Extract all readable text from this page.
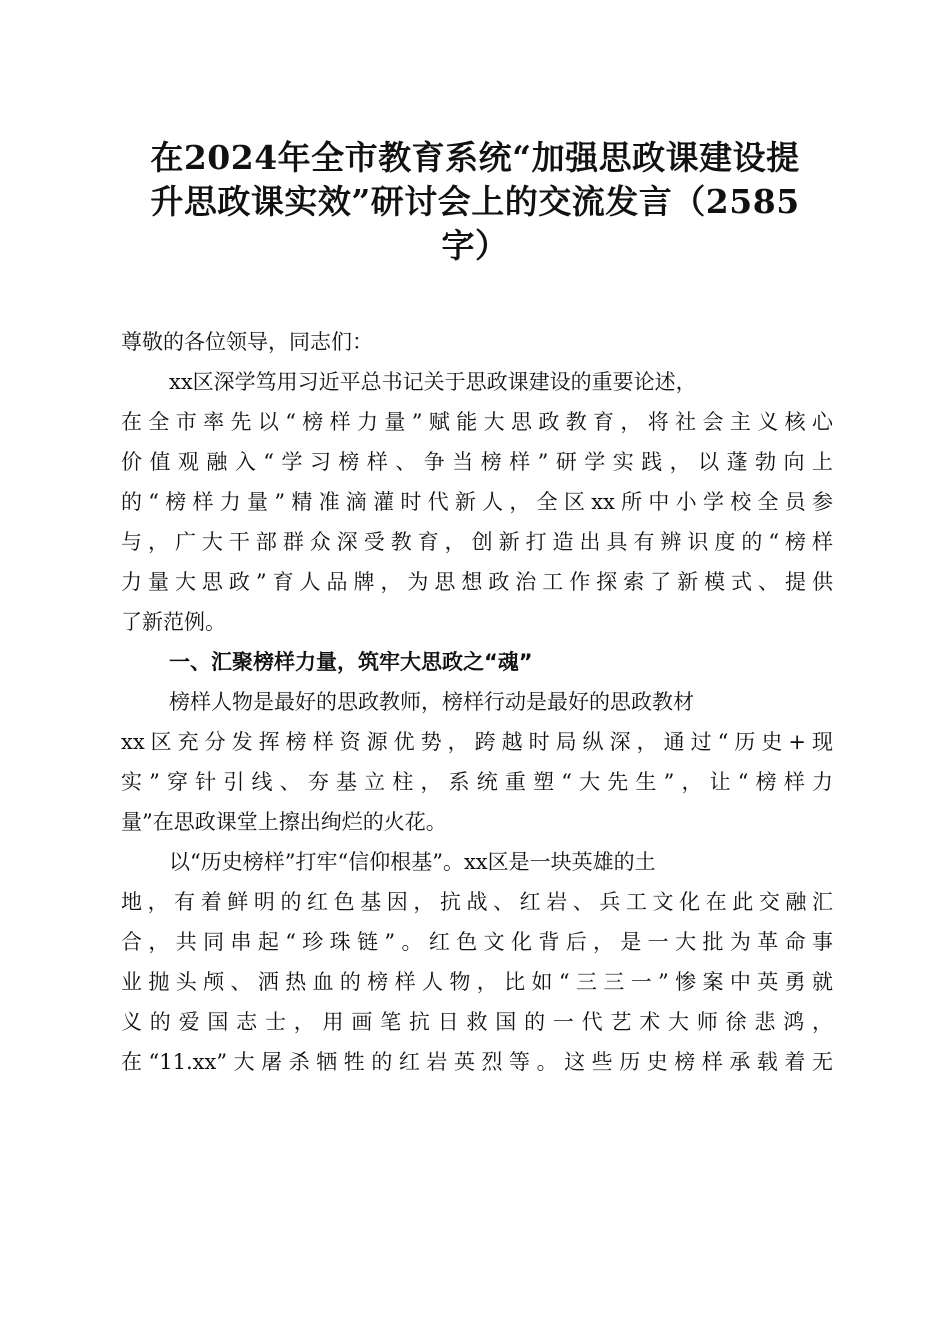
在2024年全市教育系统“加强思政课建设提
升思政课实效”研讨会上的交流发言（2585
字）

尊敬的各位领导，同志们：

xx区深学笃用习近平总书记关于思政课建设的重要论述，

在全市率先以“榜样力量”赋能大思政教育，将社会主义核心

价值观融入“学习榜样、争当榜样”研学实践，以蓬勃向上

的“榜样力量”精准滴灌时代新人，全区xx所中小学校全员参

与，广大干部群众深受教育，创新打造出具有辨识度的“榜样

力量大思政”育人品牌，为思想政治工作探索了新模式、提供

了新范例。

一、汇聚榜样力量，筑牢大思政之“魂”

榜样人物是最好的思政教师，榜样行动是最好的思政教材

xx区充分发挥榜样资源优势，跨越时局纵深，通过“历史+现

实”穿针引线、夯基立柱，系统重塑“大先生”，让“榜样力

量”在思政课堂上擦出绚烂的火花。

以“历史榜样”打牢“信仰根基”。xx区是一块英雄的土

地，有着鲜明的红色基因，抗战、红岩、兵工文化在此交融汇

合，共同串起“珍珠链”。红色文化背后，是一大批为革命事

业抛头颅、洒热血的榜样人物，比如“三三一”惨案中英勇就

义的爱国志士，用画笔抗日救国的一代艺术大师徐悲鸿，

在“11.xx”大屠杀牺牲的红岩英烈等。这些历史榜样承载着无
